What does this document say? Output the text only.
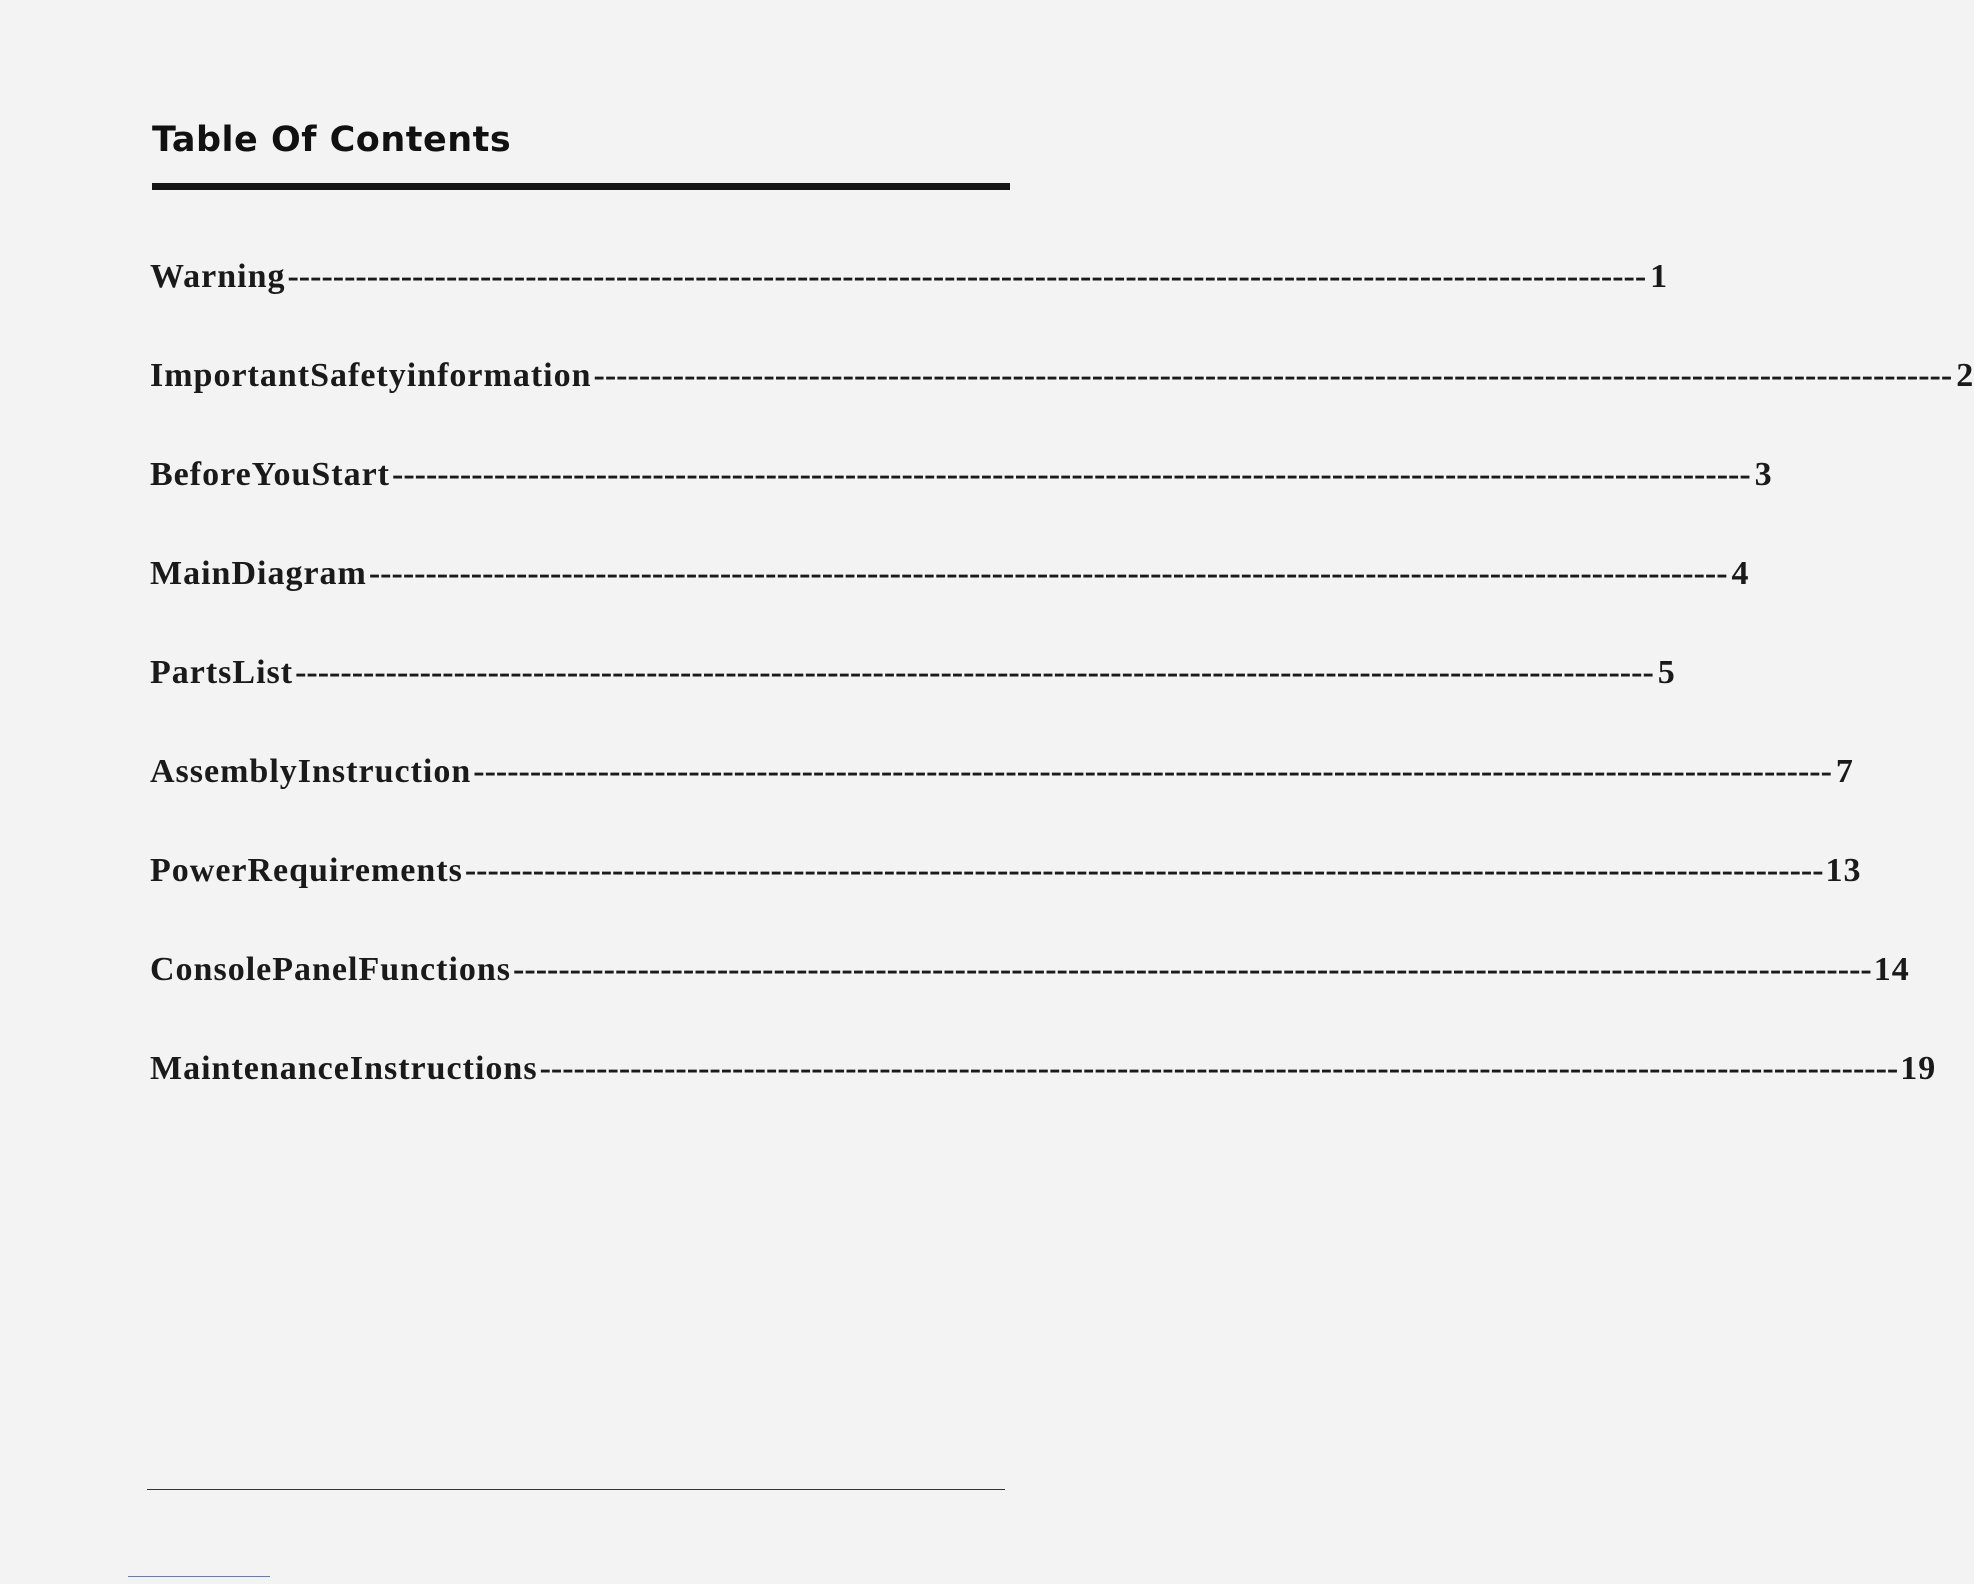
Table Of Contents
Warning ------------------------------------------------------------------------------------------------------------------------ 1
ImportantSafetyinformation ------------------------------------------------------------------------------------------------------------------------ 2
BeforeYouStart ------------------------------------------------------------------------------------------------------------------------ 3
MainDiagram ------------------------------------------------------------------------------------------------------------------------ 4
PartsList ------------------------------------------------------------------------------------------------------------------------ 5
AssemblyInstruction ------------------------------------------------------------------------------------------------------------------------ 7
PowerRequirements ------------------------------------------------------------------------------------------------------------------------ 13
ConsolePanelFunctions ------------------------------------------------------------------------------------------------------------------------ 14
MaintenanceInstructions ------------------------------------------------------------------------------------------------------------------------ 19
